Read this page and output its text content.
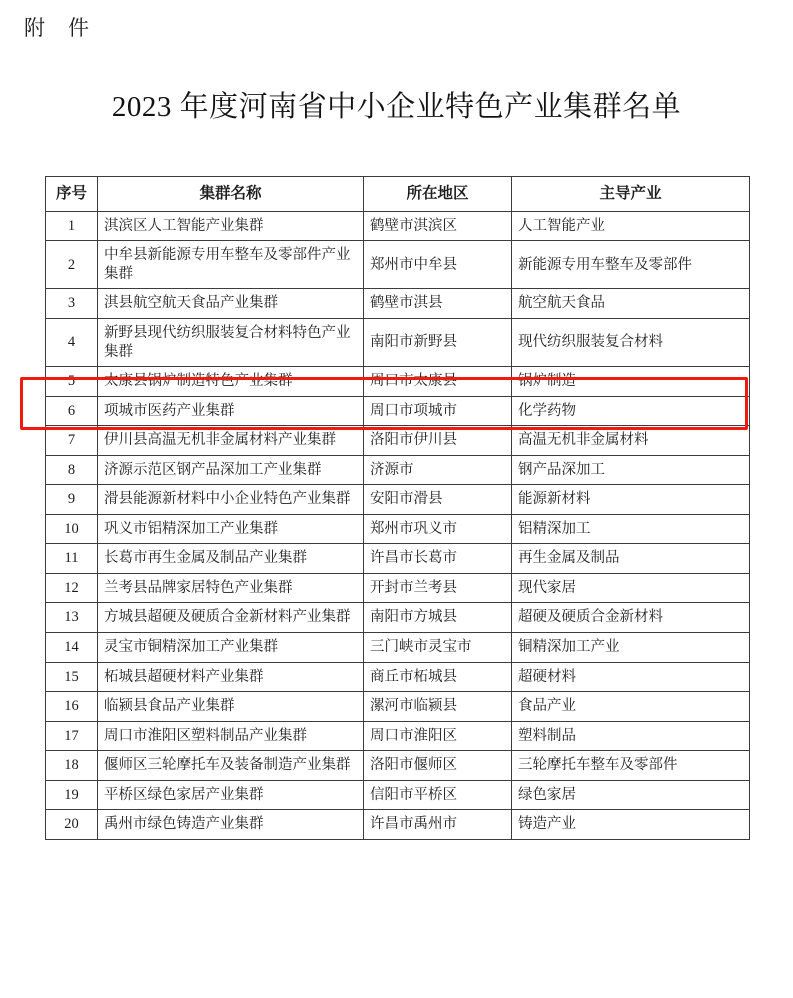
附　件
2023 年度河南省中小企业特色产业集群名单
序号	集群名称	所在地区	主导产业
1	淇滨区人工智能产业集群	鹤壁市淇滨区	人工智能产业
2	中牟县新能源专用车整车及零部件产业集群	郑州市中牟县	新能源专用车整车及零部件
3	淇县航空航天食品产业集群	鹤壁市淇县	航空航天食品
4	新野县现代纺织服装复合材料特色产业集群	南阳市新野县	现代纺织服装复合材料
5	太康县锅炉制造特色产业集群	周口市太康县	锅炉制造
6	项城市医药产业集群	周口市项城市	化学药物
7	伊川县高温无机非金属材料产业集群	洛阳市伊川县	高温无机非金属材料
8	济源示范区钢产品深加工产业集群	济源市	钢产品深加工
9	滑县能源新材料中小企业特色产业集群	安阳市滑县	能源新材料
10	巩义市铝精深加工产业集群	郑州市巩义市	铝精深加工
11	长葛市再生金属及制品产业集群	许昌市长葛市	再生金属及制品
12	兰考县品牌家居特色产业集群	开封市兰考县	现代家居
13	方城县超硬及硬质合金新材料产业集群	南阳市方城县	超硬及硬质合金新材料
14	灵宝市铜精深加工产业集群	三门峡市灵宝市	铜精深加工产业
15	柘城县超硬材料产业集群	商丘市柘城县	超硬材料
16	临颍县食品产业集群	漯河市临颍县	食品产业
17	周口市淮阳区塑料制品产业集群	周口市淮阳区	塑料制品
18	偃师区三轮摩托车及装备制造产业集群	洛阳市偃师区	三轮摩托车整车及零部件
19	平桥区绿色家居产业集群	信阳市平桥区	绿色家居
20	禹州市绿色铸造产业集群	许昌市禹州市	铸造产业
